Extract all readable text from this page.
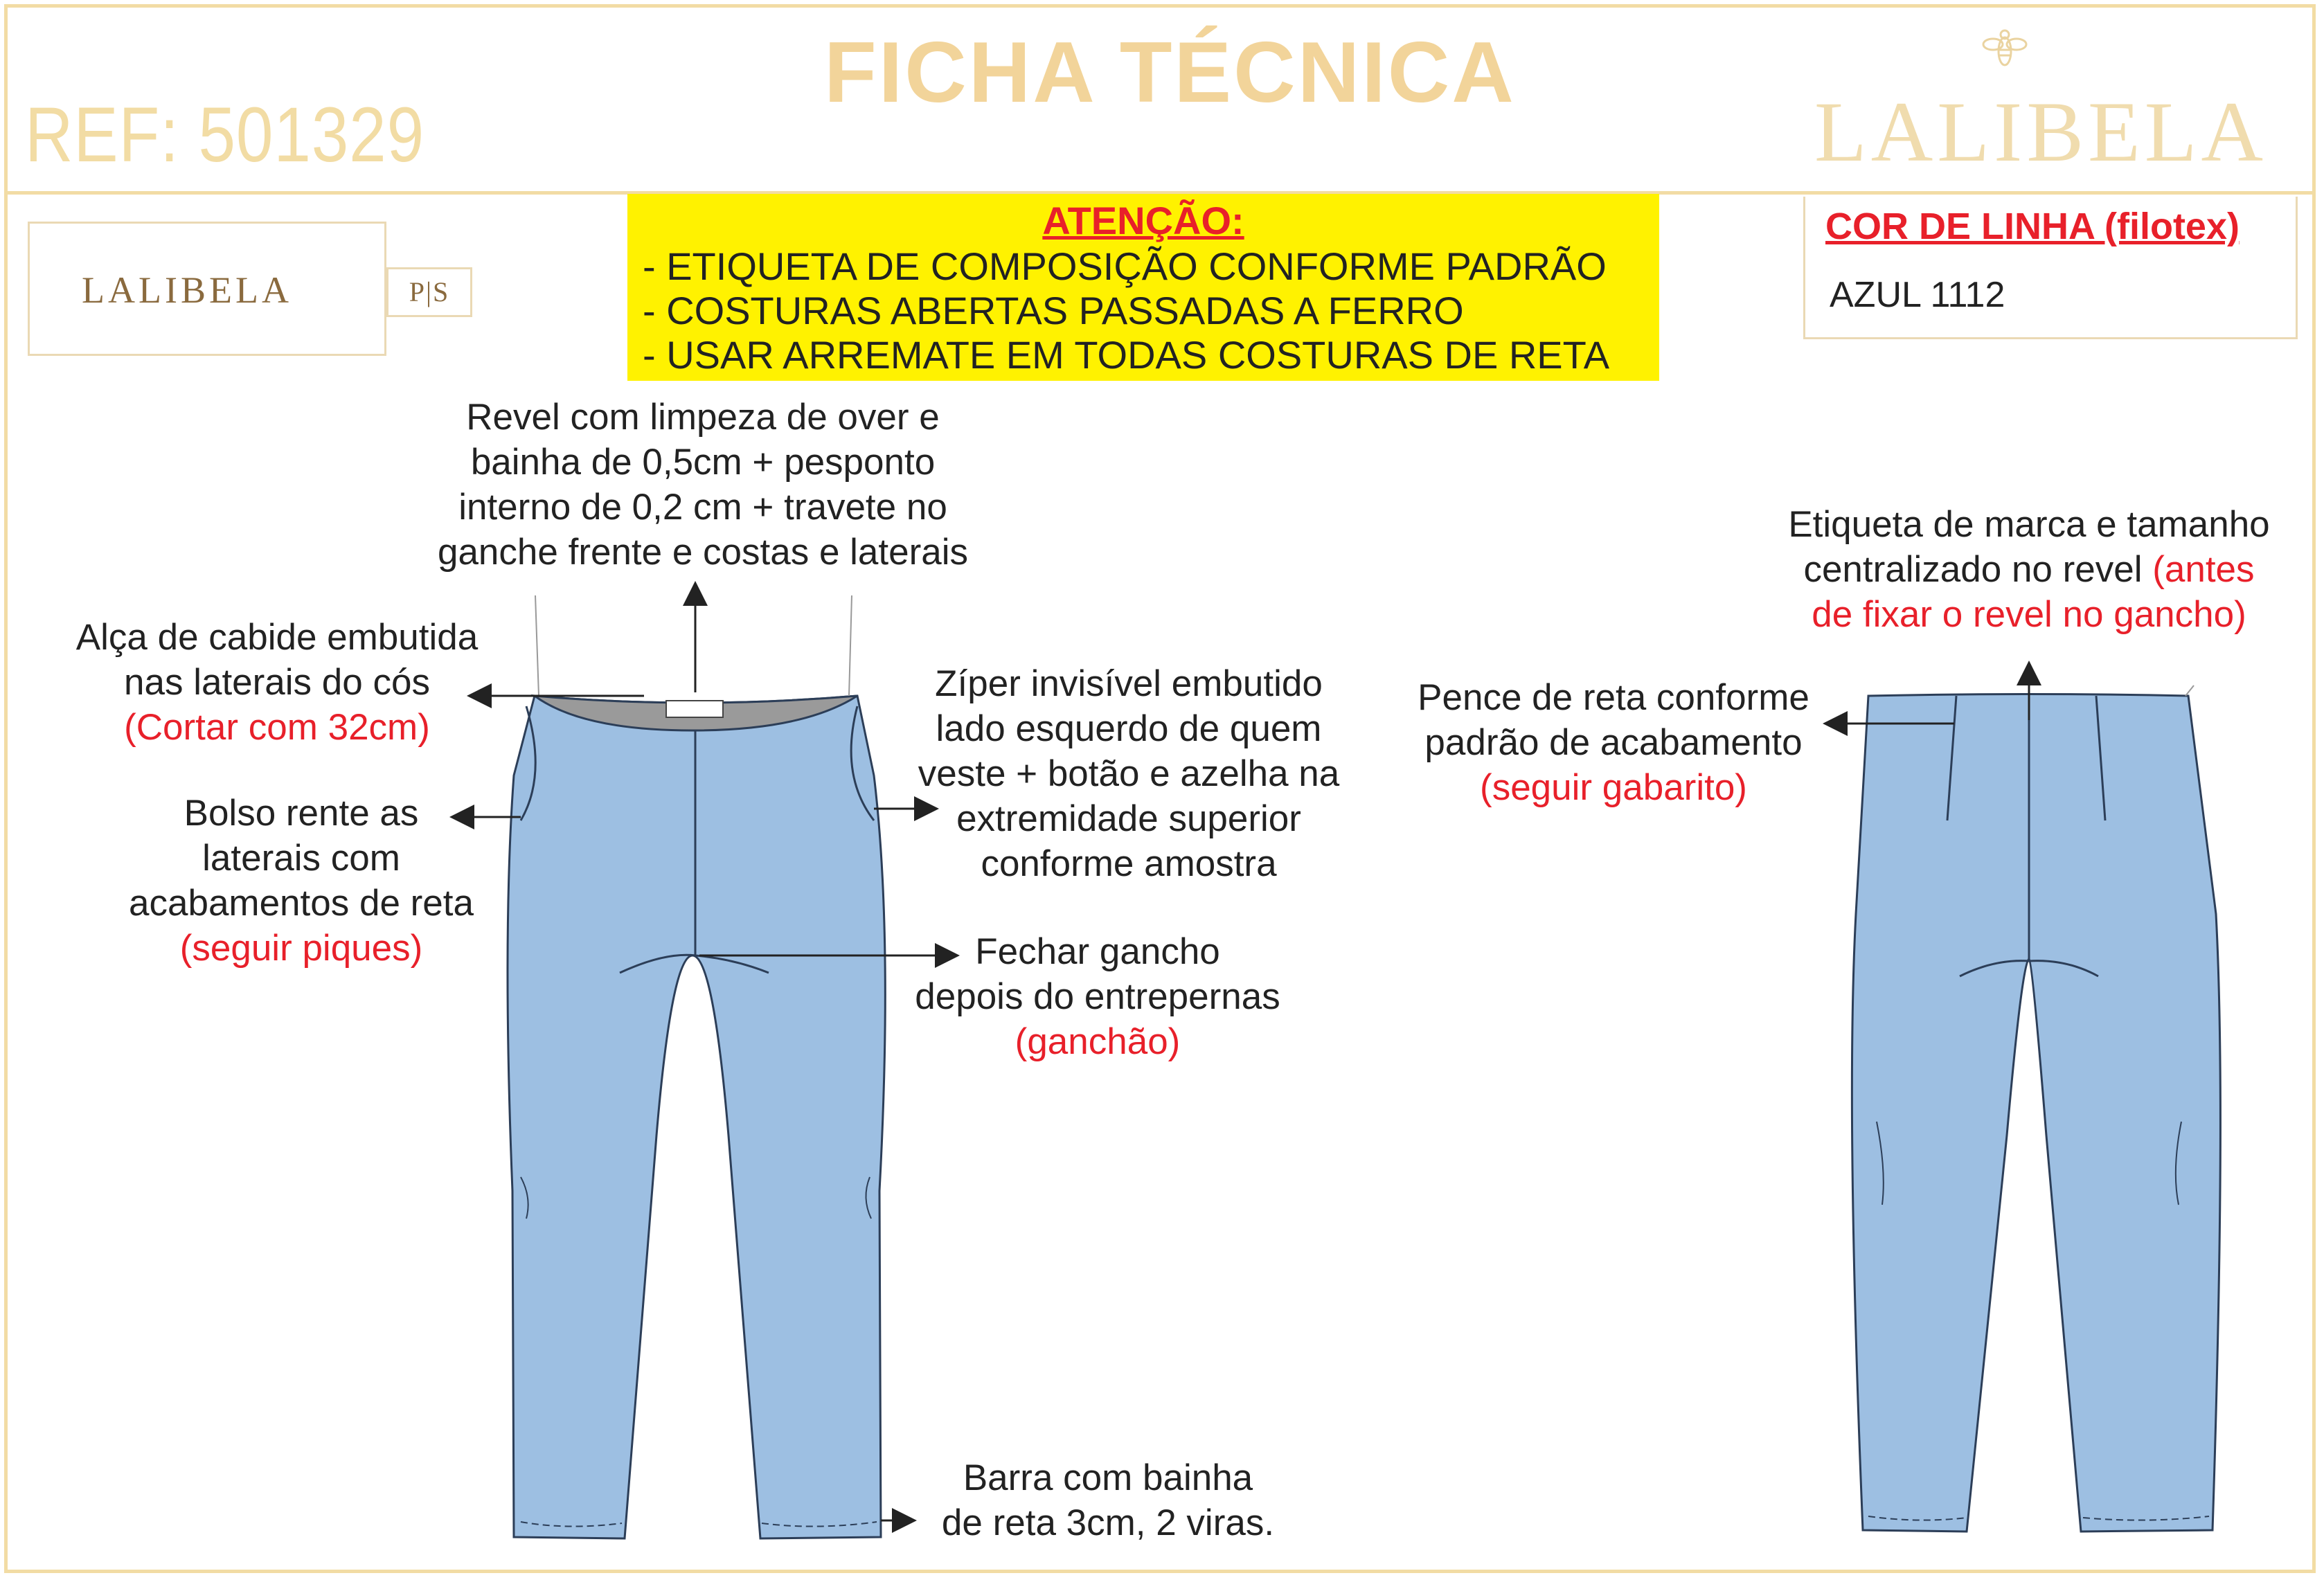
REF: 501329
FICHA TÉCNICA
LALIBELA
LALIBELA	P|S
ATENÇÃO:
- ETIQUETA DE COMPOSIÇÃO CONFORME PADRÃO
- COSTURAS ABERTAS PASSADAS A FERRO
- USAR ARREMATE EM TODAS COSTURAS DE RETA
COR DE LINHA (filotex)
AZUL 1112
Revel com limpeza de over e
bainha de 0,5cm + pesponto
interno de 0,2 cm + travete no
ganche frente e costas e laterais
Alça de cabide embutida
nas laterais do cós
(Cortar com 32cm)
Bolso rente as
laterais com
acabamentos de reta
(seguir piques)
Zíper invisível embutido
lado esquerdo de quem
veste + botão e azelha na
extremidade superior
conforme amostra
Fechar gancho
depois do entrepernas
(ganchão)
Barra com bainha
de reta 3cm, 2 viras.
Etiqueta de marca e tamanho
centralizado no revel (antes
de fixar o revel no gancho)
Pence de reta conforme
padrão de acabamento
(seguir gabarito)
